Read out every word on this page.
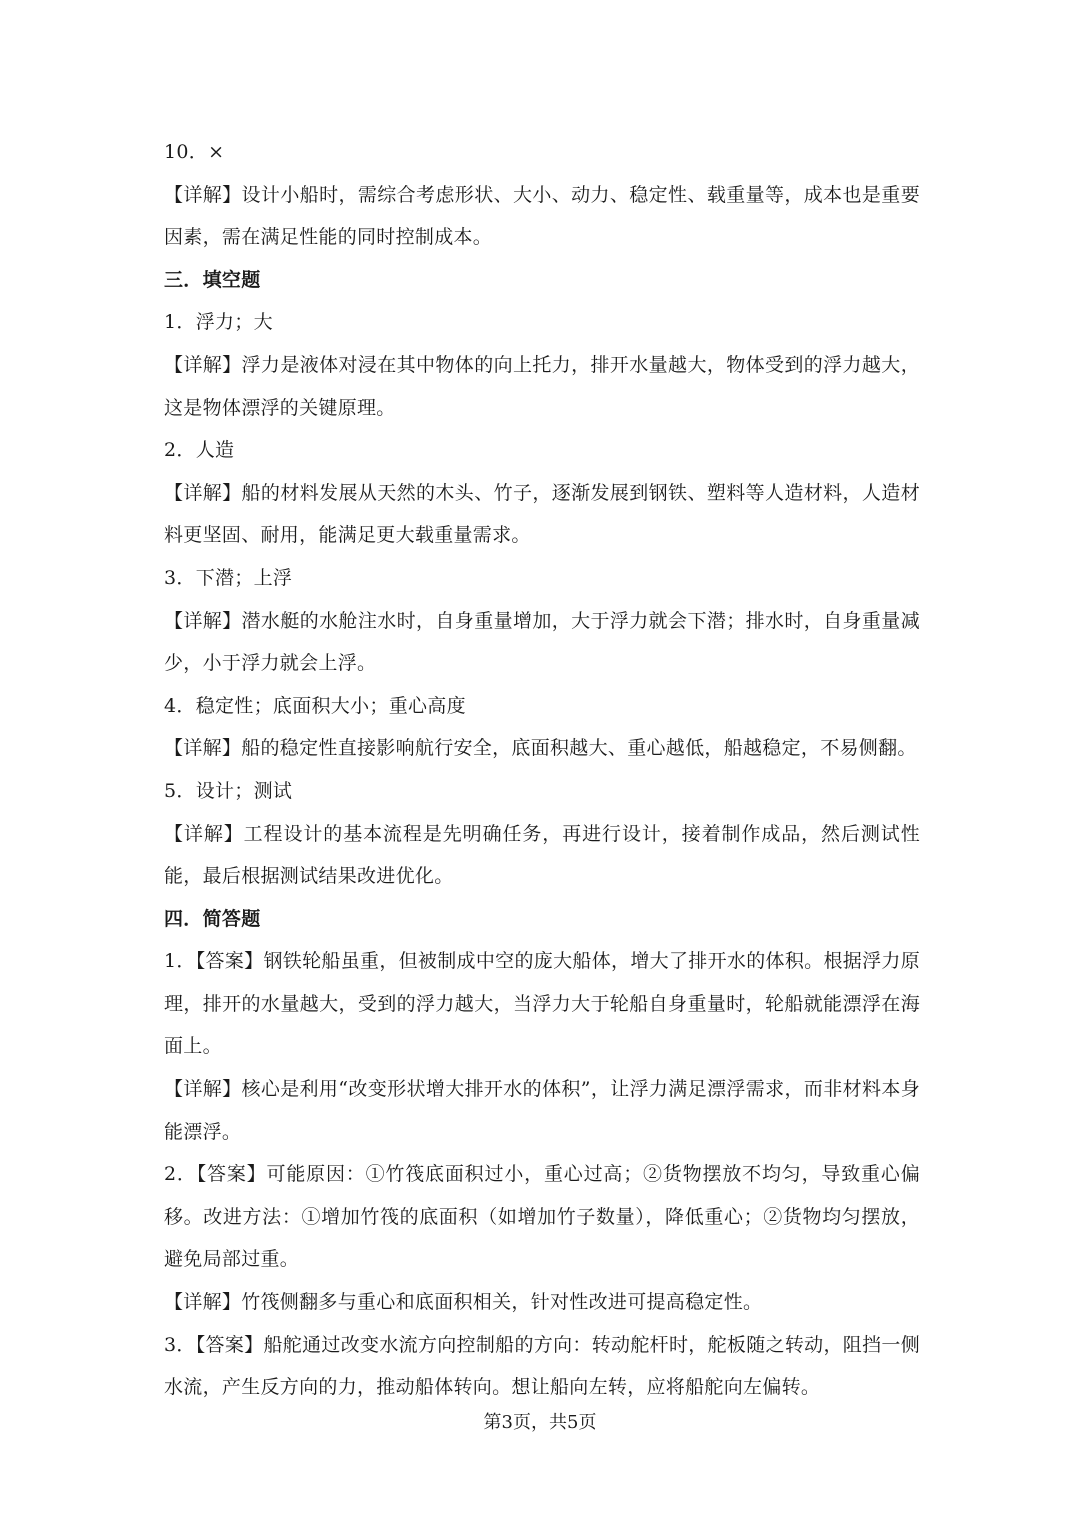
10．×

【详解】设计小船时，需综合考虑形状、大小、动力、稳定性、载重量等，成本也是重要因素，需在满足性能的同时控制成本。

三．填空题

1．浮力；大

【详解】浮力是液体对浸在其中物体的向上托力，排开水量越大，物体受到的浮力越大，这是物体漂浮的关键原理。

2．人造

【详解】船的材料发展从天然的木头、竹子，逐渐发展到钢铁、塑料等人造材料，人造材料更坚固、耐用，能满足更大载重量需求。

3．下潜；上浮

【详解】潜水艇的水舱注水时，自身重量增加，大于浮力就会下潜；排水时，自身重量减少，小于浮力就会上浮。

4．稳定性；底面积大小；重心高度

【详解】船的稳定性直接影响航行安全，底面积越大、重心越低，船越稳定，不易侧翻。

5．设计；测试

【详解】工程设计的基本流程是先明确任务，再进行设计，接着制作成品，然后测试性能，最后根据测试结果改进优化。

四．简答题

1．【答案】钢铁轮船虽重，但被制成中空的庞大船体，增大了排开水的体积。根据浮力原理，排开的水量越大，受到的浮力越大，当浮力大于轮船自身重量时，轮船就能漂浮在海面上。

【详解】核心是利用“改变形状增大排开水的体积”，让浮力满足漂浮需求，而非材料本身能漂浮。

2．【答案】可能原因：①竹筏底面积过小，重心过高；②货物摆放不均匀，导致重心偏移。改进方法：①增加竹筏的底面积（如增加竹子数量），降低重心；②货物均匀摆放，避免局部过重。

【详解】竹筏侧翻多与重心和底面积相关，针对性改进可提高稳定性。

3．【答案】船舵通过改变水流方向控制船的方向：转动舵杆时，舵板随之转动，阻挡一侧水流，产生反方向的力，推动船体转向。想让船向左转，应将船舵向左偏转。

第3页，共5页
